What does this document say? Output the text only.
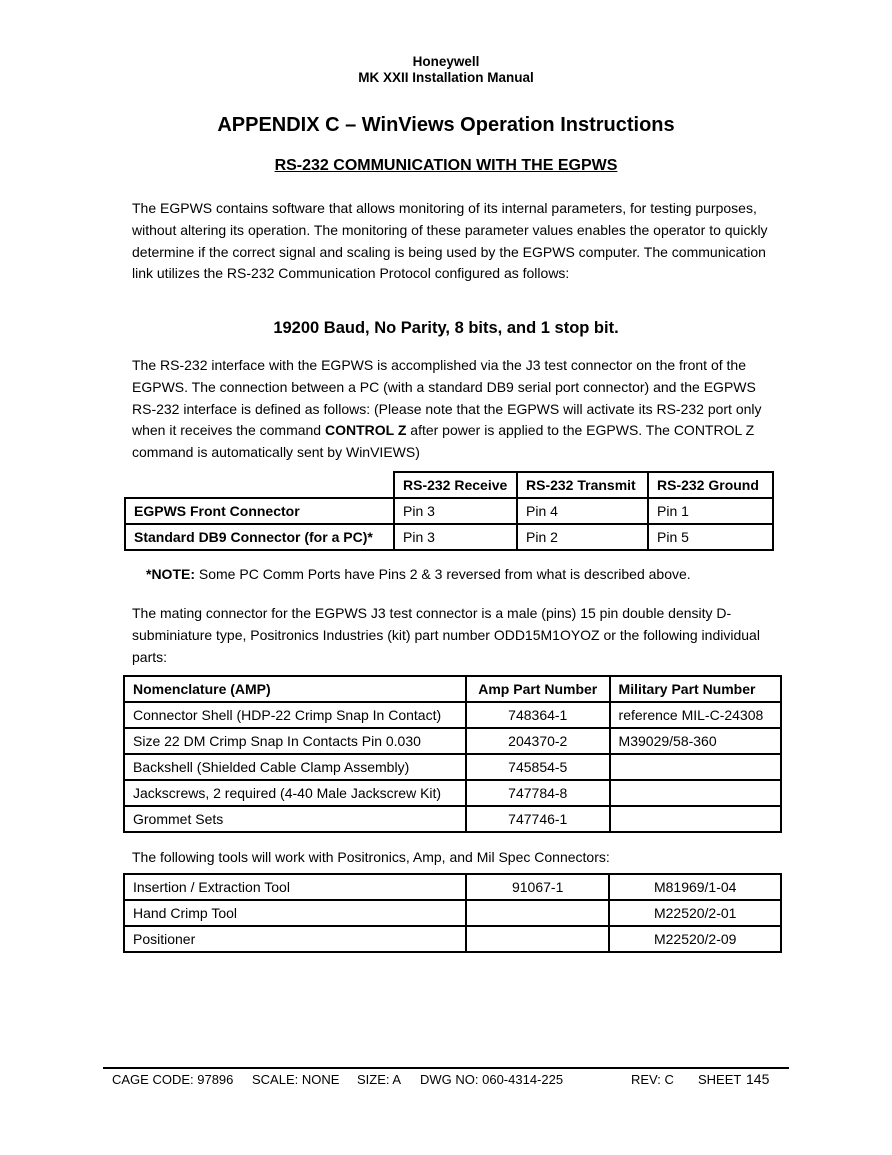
Honeywell
MK XXII Installation Manual
APPENDIX C – WinViews Operation Instructions
RS-232 COMMUNICATION WITH THE EGPWS
The EGPWS contains software that allows monitoring of its internal parameters, for testing purposes, without altering its operation. The monitoring of these parameter values enables the operator to quickly determine if the correct signal and scaling is being used by the EGPWS computer. The communication link utilizes the RS-232 Communication Protocol configured as follows:
19200 Baud, No Parity, 8 bits, and 1 stop bit.
The RS-232 interface with the EGPWS is accomplished via the J3 test connector on the front of the EGPWS. The connection between a PC (with a standard DB9 serial port connector) and the EGPWS RS-232 interface is defined as follows: (Please note that the EGPWS will activate its RS-232 port only when it receives the command CONTROL Z after power is applied to the EGPWS. The CONTROL Z command is automatically sent by WinVIEWS)
	RS-232 Receive	RS-232 Transmit	RS-232 Ground
EGPWS Front Connector	Pin 3	Pin 4	Pin 1
Standard DB9 Connector (for a PC)*	Pin 3	Pin 2	Pin 5
*NOTE: Some PC Comm Ports have Pins 2 & 3 reversed from what is described above.
The mating connector for the EGPWS J3 test connector is a male (pins) 15 pin double density D-subminiature type, Positronics Industries (kit) part number ODD15M1OYOZ or the following individual parts:
Nomenclature (AMP)	Amp Part Number	Military Part Number
Connector Shell (HDP-22 Crimp Snap In Contact)	748364-1	reference MIL-C-24308
Size 22 DM Crimp Snap In Contacts Pin 0.030	204370-2	M39029/58-360
Backshell (Shielded Cable Clamp Assembly)	745854-5	
Jackscrews, 2 required (4-40 Male Jackscrew Kit)	747784-8	
Grommet Sets	747746-1	
The following tools will work with Positronics, Amp, and Mil Spec Connectors:
Insertion / Extraction Tool	91067-1	M81969/1-04
Hand Crimp Tool		M22520/2-01
Positioner		M22520/2-09
CAGE CODE: 97896 SCALE: NONE SIZE: A DWG NO: 060-4314-225	REV: C SHEET 145
